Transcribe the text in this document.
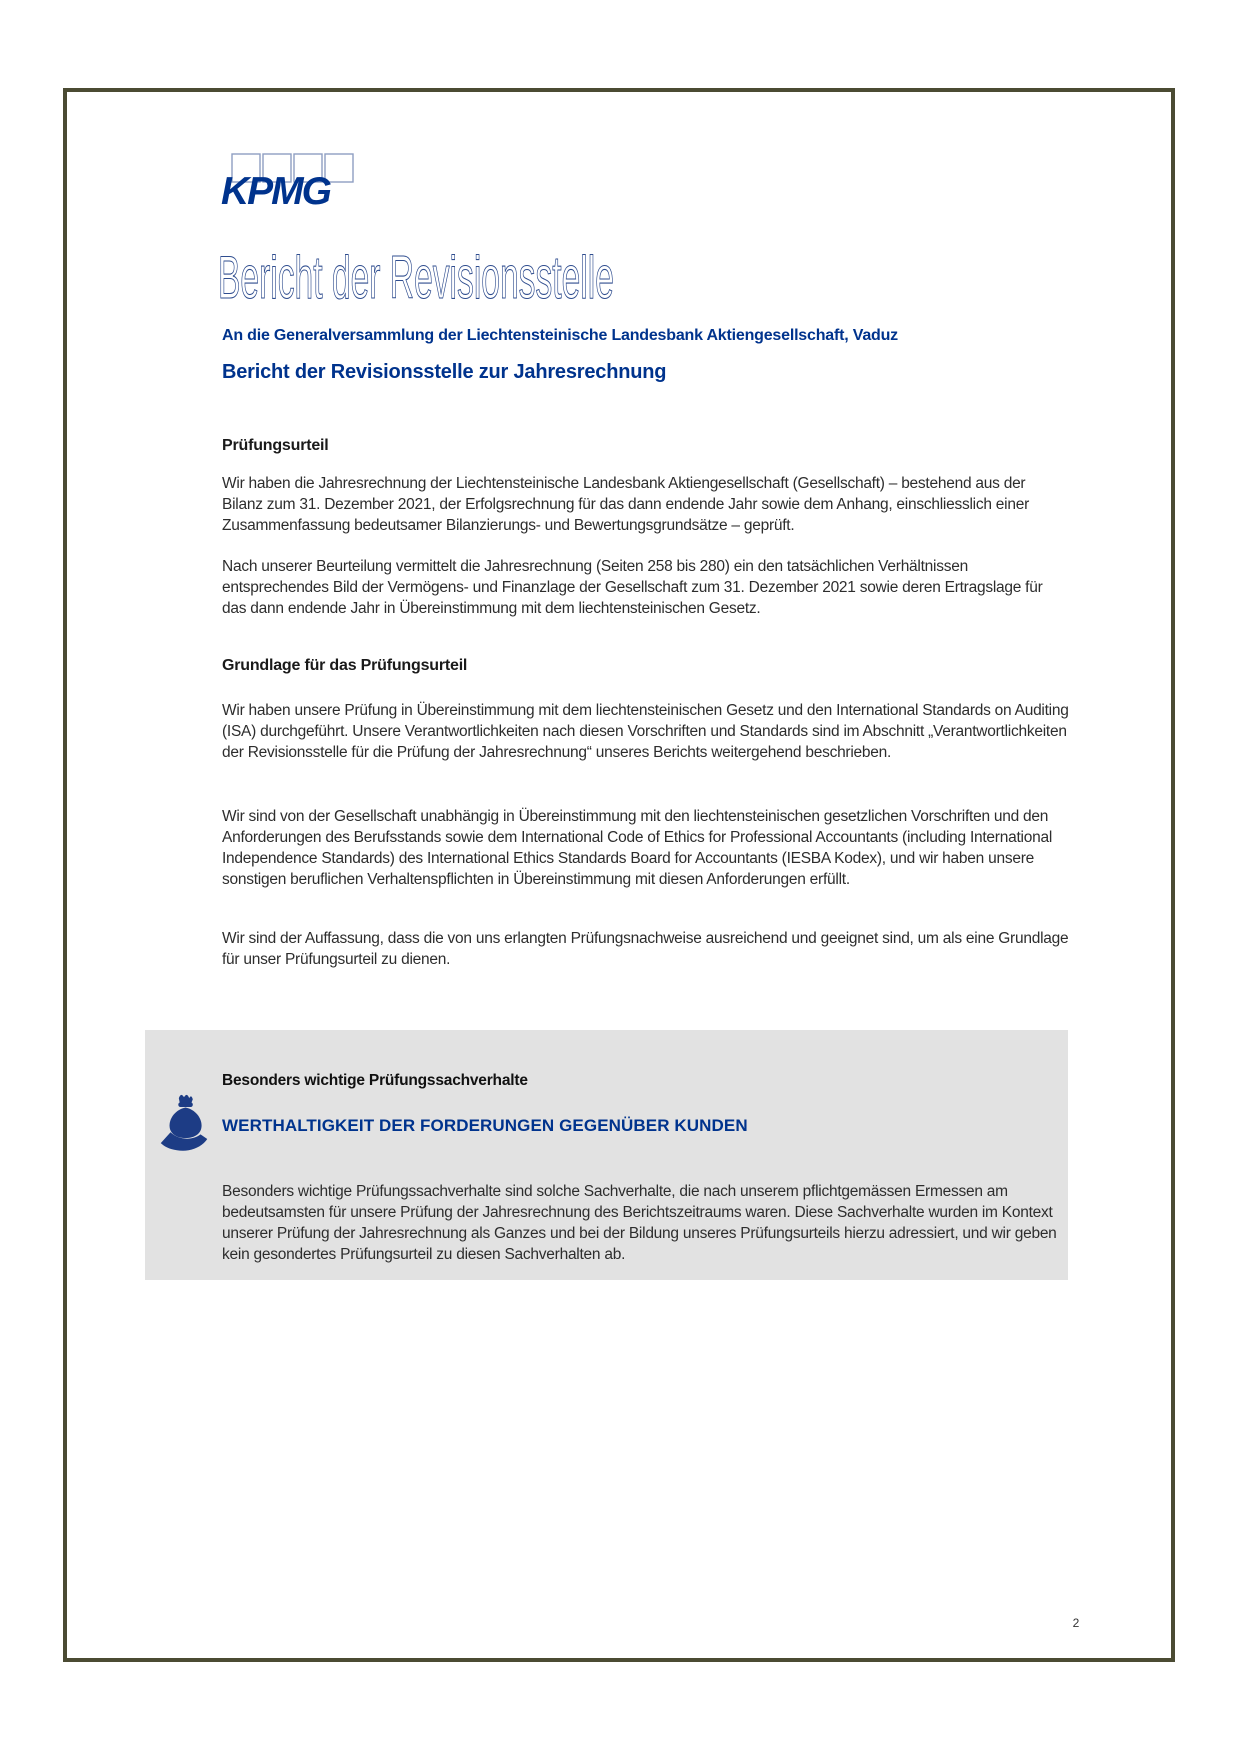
KPMG
Bericht der Revisionsstelle
An die Generalversammlung der Liechtensteinische Landesbank Aktiengesellschaft, Vaduz
Bericht der Revisionsstelle zur Jahresrechnung
Prüfungsurteil
Wir haben die Jahresrechnung der Liechtensteinische Landesbank Aktiengesellschaft (Gesellschaft) – bestehend aus der Bilanz zum 31. Dezember 2021, der Erfolgsrechnung für das dann endende Jahr sowie dem Anhang, einschliesslich einer Zusammenfassung bedeutsamer Bilanzierungs- und Bewertungsgrundsätze – geprüft.
Nach unserer Beurteilung vermittelt die Jahresrechnung (Seiten 258 bis 280) ein den tatsächlichen Verhältnissen entsprechendes Bild der Vermögens- und Finanzlage der Gesellschaft zum 31. Dezember 2021 sowie deren Ertragslage für das dann endende Jahr in Übereinstimmung mit dem liechtensteinischen Gesetz.
Grundlage für das Prüfungsurteil
Wir haben unsere Prüfung in Übereinstimmung mit dem liechtensteinischen Gesetz und den International Standards on Auditing (ISA) durchgeführt. Unsere Verantwortlichkeiten nach diesen Vorschriften und Standards sind im Abschnitt „Verantwortlichkeiten der Revisionsstelle für die Prüfung der Jahresrechnung“ unseres Berichts weitergehend beschrieben.
Wir sind von der Gesellschaft unabhängig in Übereinstimmung mit den liechtensteinischen gesetzlichen Vorschriften und den Anforderungen des Berufsstands sowie dem International Code of Ethics for Professional Accountants (including International Independence Standards) des International Ethics Standards Board for Accountants (IESBA Kodex), und wir haben unsere sonstigen beruflichen Verhaltenspflichten in Übereinstimmung mit diesen Anforderungen erfüllt.
Wir sind der Auffassung, dass die von uns erlangten Prüfungsnachweise ausreichend und geeignet sind, um als eine Grundlage für unser Prüfungsurteil zu dienen.
Besonders wichtige Prüfungssachverhalte
WERTHALTIGKEIT DER FORDERUNGEN GEGENÜBER KUNDEN
Besonders wichtige Prüfungssachverhalte sind solche Sachverhalte, die nach unserem pflichtgemässen Ermessen am bedeutsamsten für unsere Prüfung der Jahresrechnung des Berichtszeitraums waren. Diese Sachverhalte wurden im Kontext unserer Prüfung der Jahresrechnung als Ganzes und bei der Bildung unseres Prüfungsurteils hierzu adressiert, und wir geben kein gesondertes Prüfungsurteil zu diesen Sachverhalten ab.
2
